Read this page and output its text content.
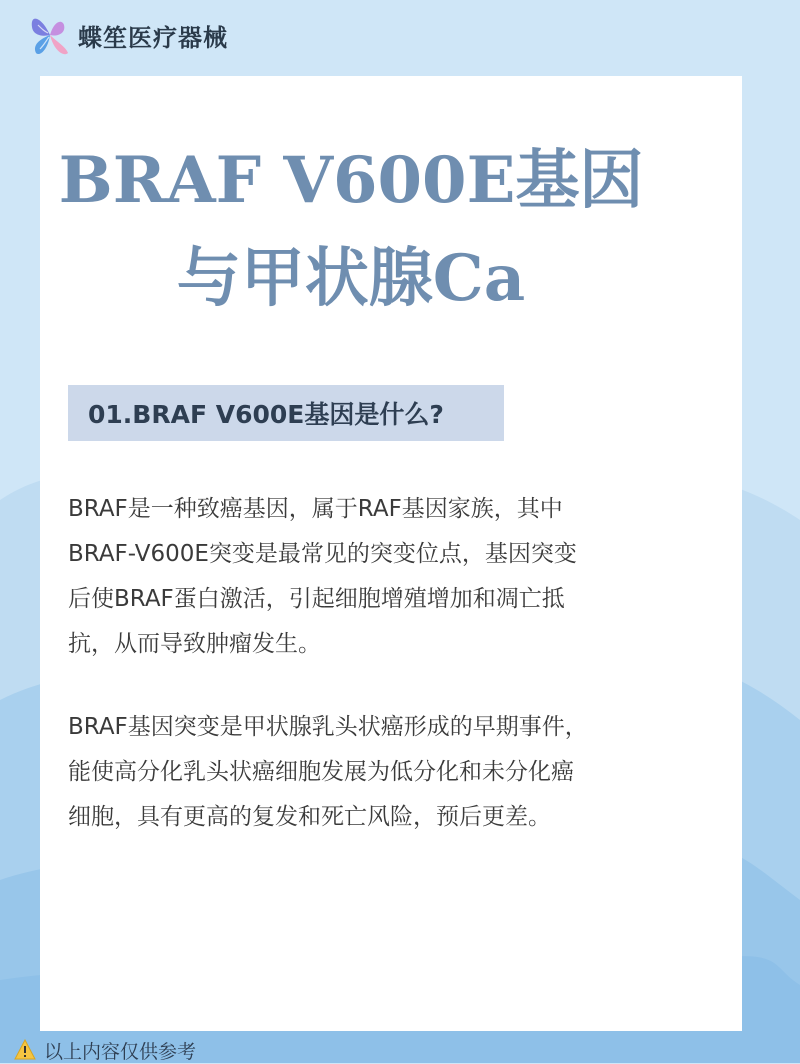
蝶笙医疗器械
BRAF V600E基因
与甲状腺Ca
01.BRAF V600E基因是什么?

BRAF是一种致癌基因，属于RAF基因家族，其中
BRAF-V600E突变是最常见的突变位点，基因突变
后使BRAF蛋白激活，引起细胞增殖增加和凋亡抵
抗，从而导致肿瘤发生。

BRAF基因突变是甲状腺乳头状癌形成的早期事件，
能使高分化乳头状癌细胞发展为低分化和未分化癌
细胞，具有更高的复发和死亡风险，预后更差。

以上内容仅供参考
